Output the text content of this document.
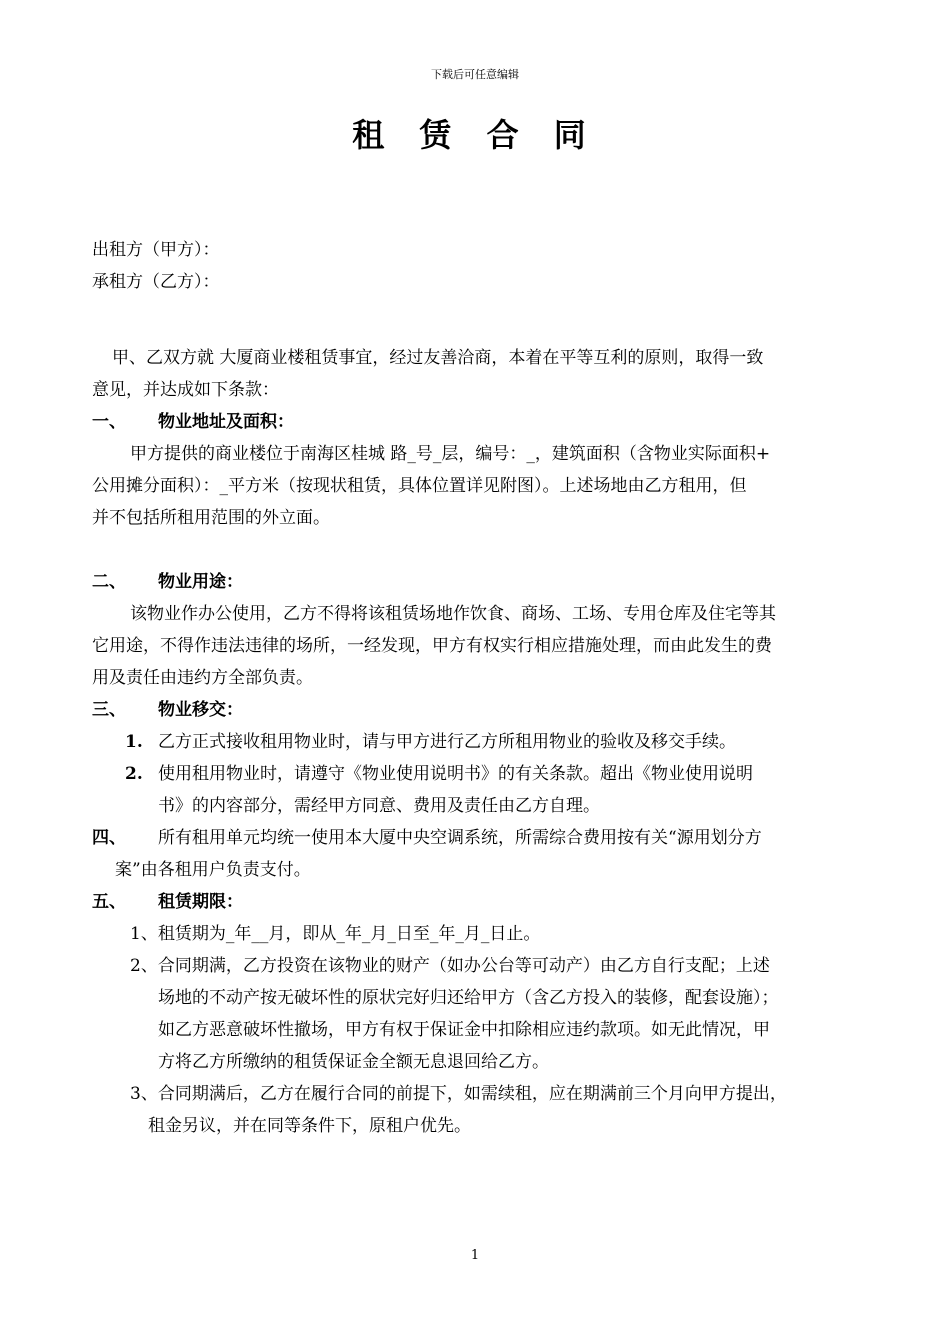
下载后可任意编辑
租 赁 合 同
出租方（甲方）：
承租方（乙方）：
甲、乙双方就 大厦商业楼租赁事宜，经过友善洽商，本着在平等互利的原则，取得一致
意见，并达成如下条款：
一、 物业地址及面积：
甲方提供的商业楼位于南海区桂城 路_号_层，编号：_，建筑面积（含物业实际面积+
公用摊分面积）：_平方米（按现状租赁，具体位置详见附图）。上述场地由乙方租用，但
并不包括所租用范围的外立面。
二、 物业用途：
该物业作办公使用，乙方不得将该租赁场地作饮食、商场、工场、专用仓库及住宅等其
它用途，不得作违法违律的场所，一经发现，甲方有权实行相应措施处理，而由此发生的费
用及责任由违约方全部负责。
三、 物业移交：
1. 乙方正式接收租用物业时，请与甲方进行乙方所租用物业的验收及移交手续。
2. 使用租用物业时，请遵守《物业使用说明书》的有关条款。超出《物业使用说明
书》的内容部分，需经甲方同意、费用及责任由乙方自理。
四、 所有租用单元均统一使用本大厦中央空调系统，所需综合费用按有关“源用划分方
案”由各租用户负责支付。
五、 租赁期限：
1、租赁期为_年__月，即从_年_月_日至_年_月_日止。
2、合同期满，乙方投资在该物业的财产（如办公台等可动产）由乙方自行支配；上述
场地的不动产按无破坏性的原状完好归还给甲方（含乙方投入的装修，配套设施）；
如乙方恶意破坏性撤场，甲方有权于保证金中扣除相应违约款项。如无此情况，甲
方将乙方所缴纳的租赁保证金全额无息退回给乙方。
3、合同期满后，乙方在履行合同的前提下，如需续租，应在期满前三个月向甲方提出，
租金另议，并在同等条件下，原租户优先。
1
